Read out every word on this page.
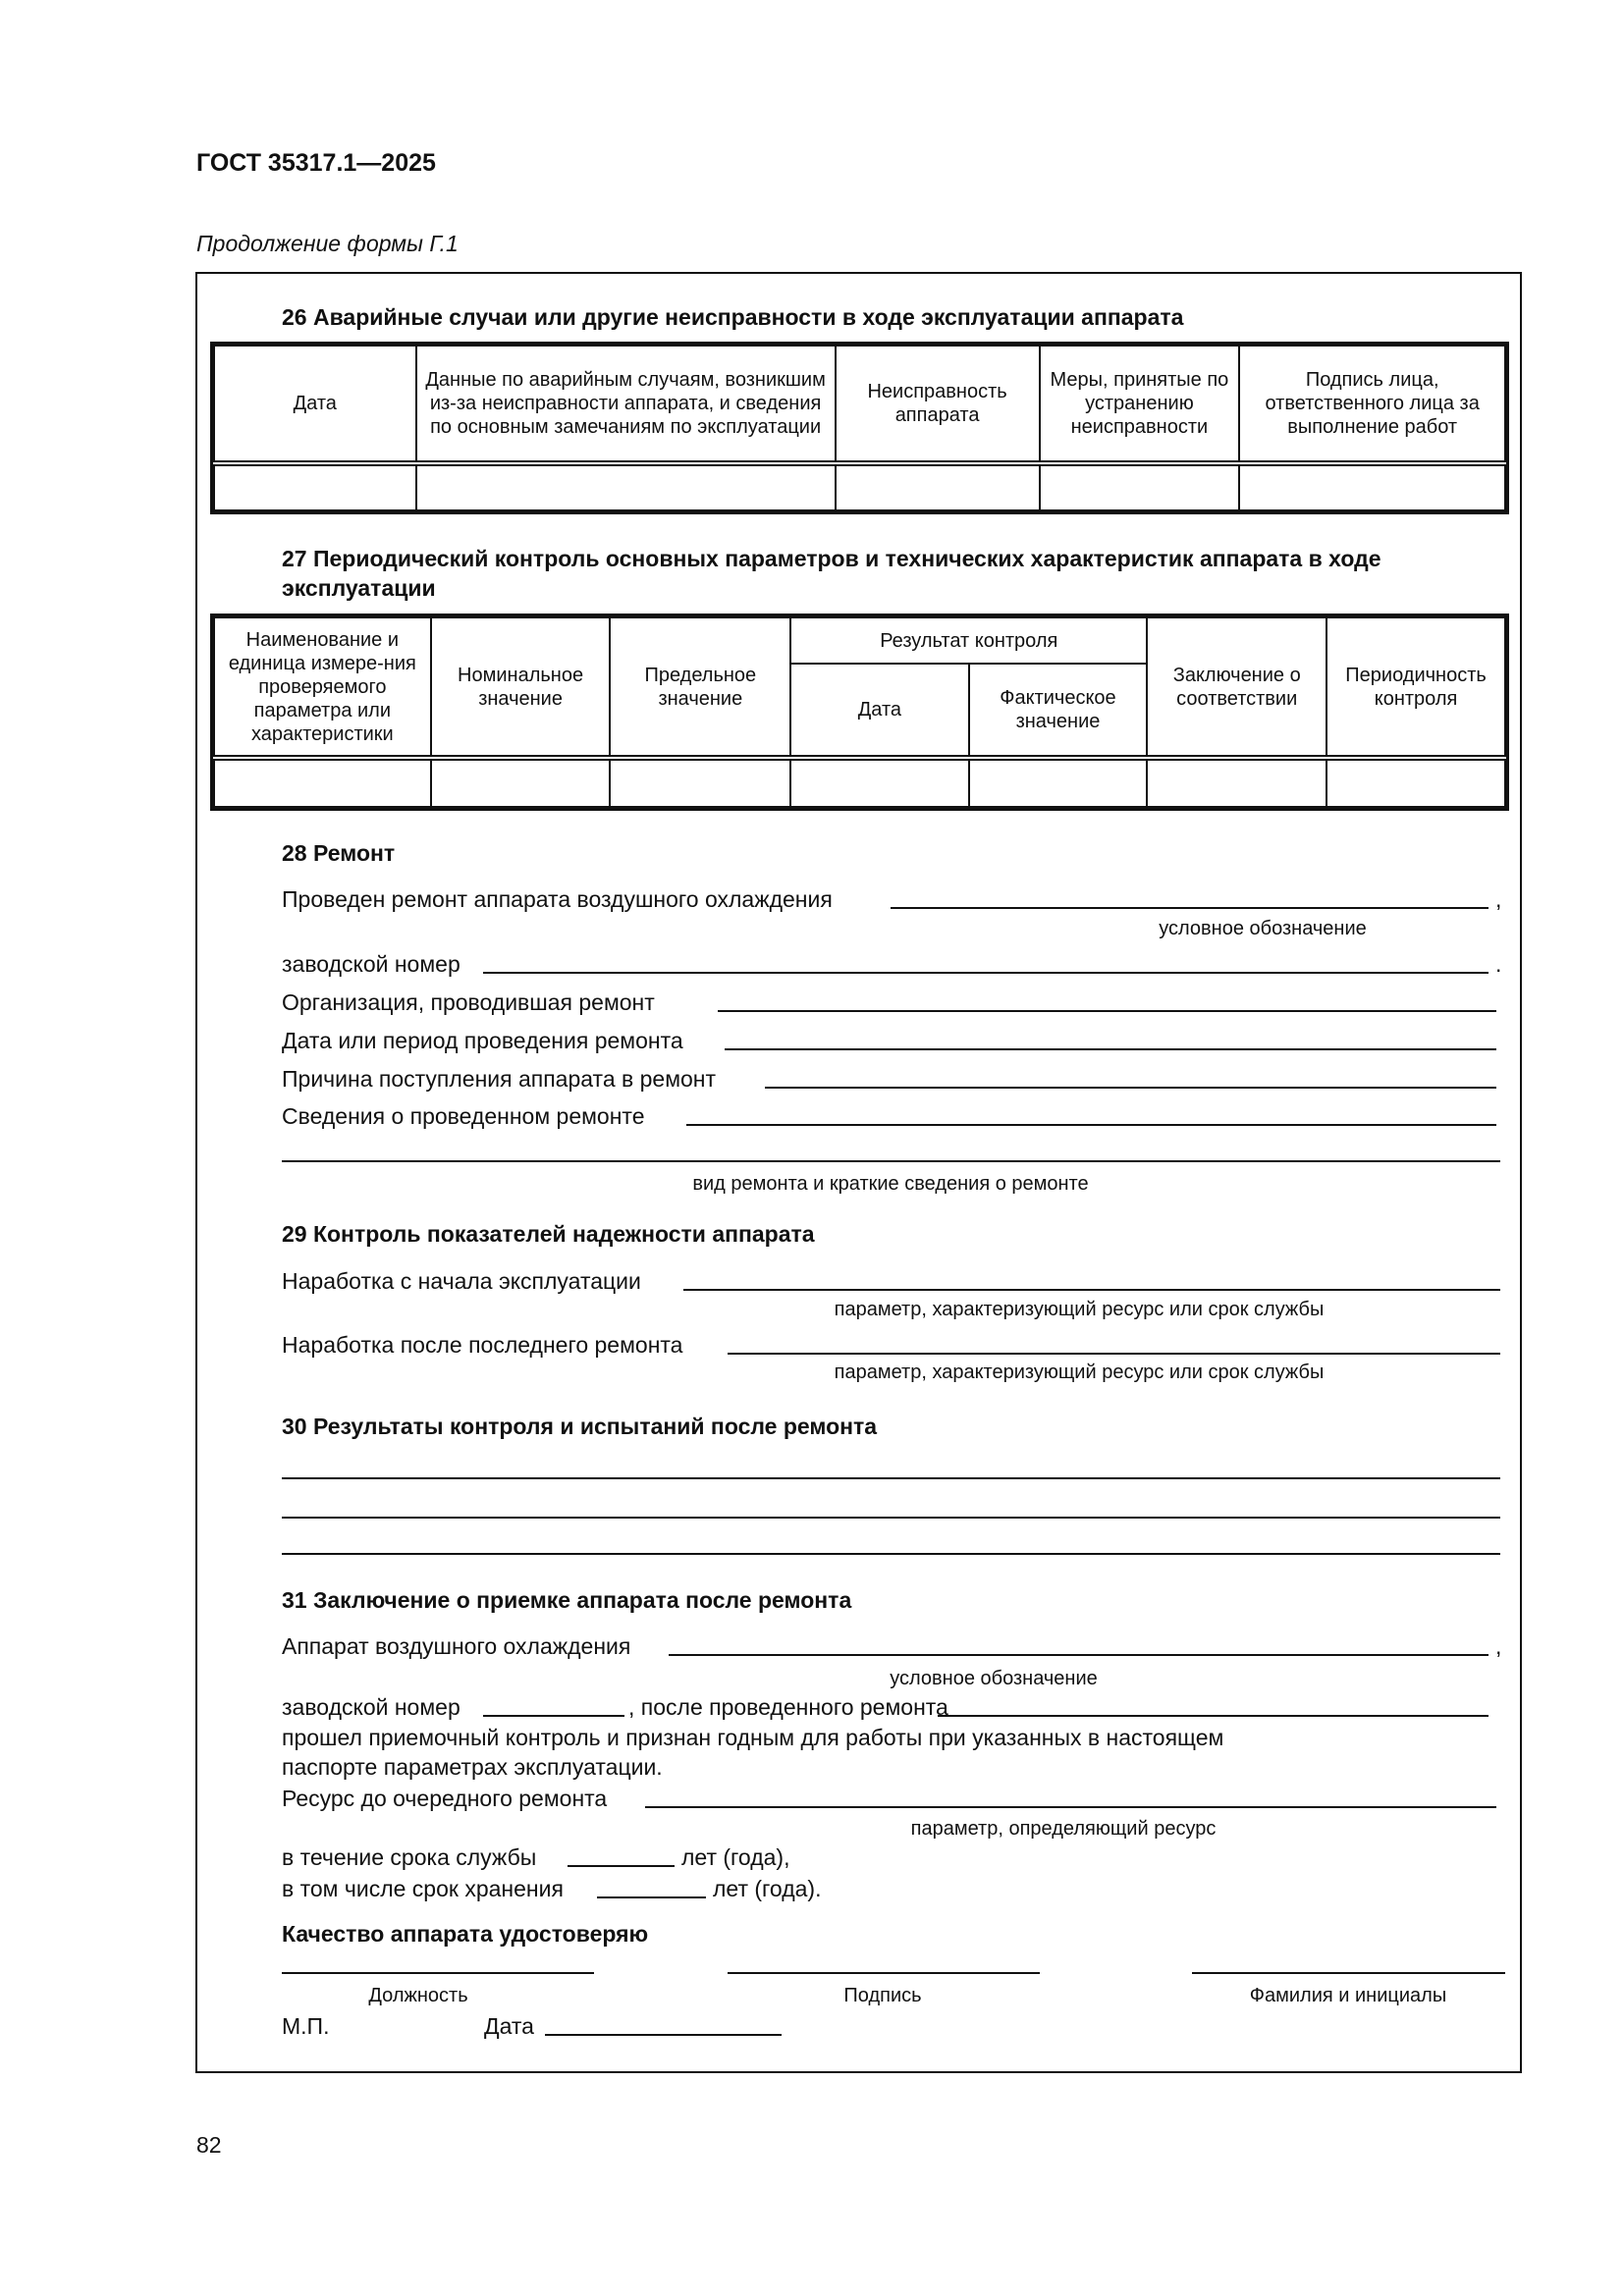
ГОСТ 35317.1—2025
Продолжение формы Г.1
26 Аварийные случаи или другие неисправности в ходе эксплуатации аппарата
Дата	Данные по аварийным случаям, возникшим из-за неисправности аппарата, и сведения по основным замечаниям по эксплуатации	Неисправность аппарата	Меры, принятые по устранению неисправности	Подпись лица, ответственного лица за выполнение работ

27 Периодический контроль основных параметров и технических характеристик аппарата в ходе
эксплуатации
Наименование и единица измере-ния проверяемого параметра или характеристики	Номинальное значение	Предельное значение	Результат контроля		Заключение о соответствии	Периодичность контроля
			Дата	Фактическое значение		

28 Ремонт
Проведен ремонт аппарата воздушного охлаждения	,
условное обозначение
заводской номер	.
Организация, проводившая ремонт
Дата или период проведения ремонта
Причина поступления аппарата в ремонт
Сведения о проведенном ремонте
вид ремонта и краткие сведения о ремонте
29 Контроль показателей надежности аппарата
Наработка с начала эксплуатации
параметр, характеризующий ресурс или срок службы
Наработка после последнего ремонта
параметр, характеризующий ресурс или срок службы
30 Результаты контроля и испытаний после ремонта
31 Заключение о приемке аппарата после ремонта
Аппарат воздушного охлаждения	,
условное обозначение
заводской номер	, после проведенного ремонта
прошел приемочный контроль и признан годным для работы при указанных в настоящем
паспорте параметрах эксплуатации.
Ресурс до очередного ремонта
параметр, определяющий ресурс
в течение срока службы	лет (года),
в том числе срок хранения	лет (года).
Качество аппарата удостоверяю
Должность	Подпись	Фамилия и инициалы
М.П.	Дата
82
